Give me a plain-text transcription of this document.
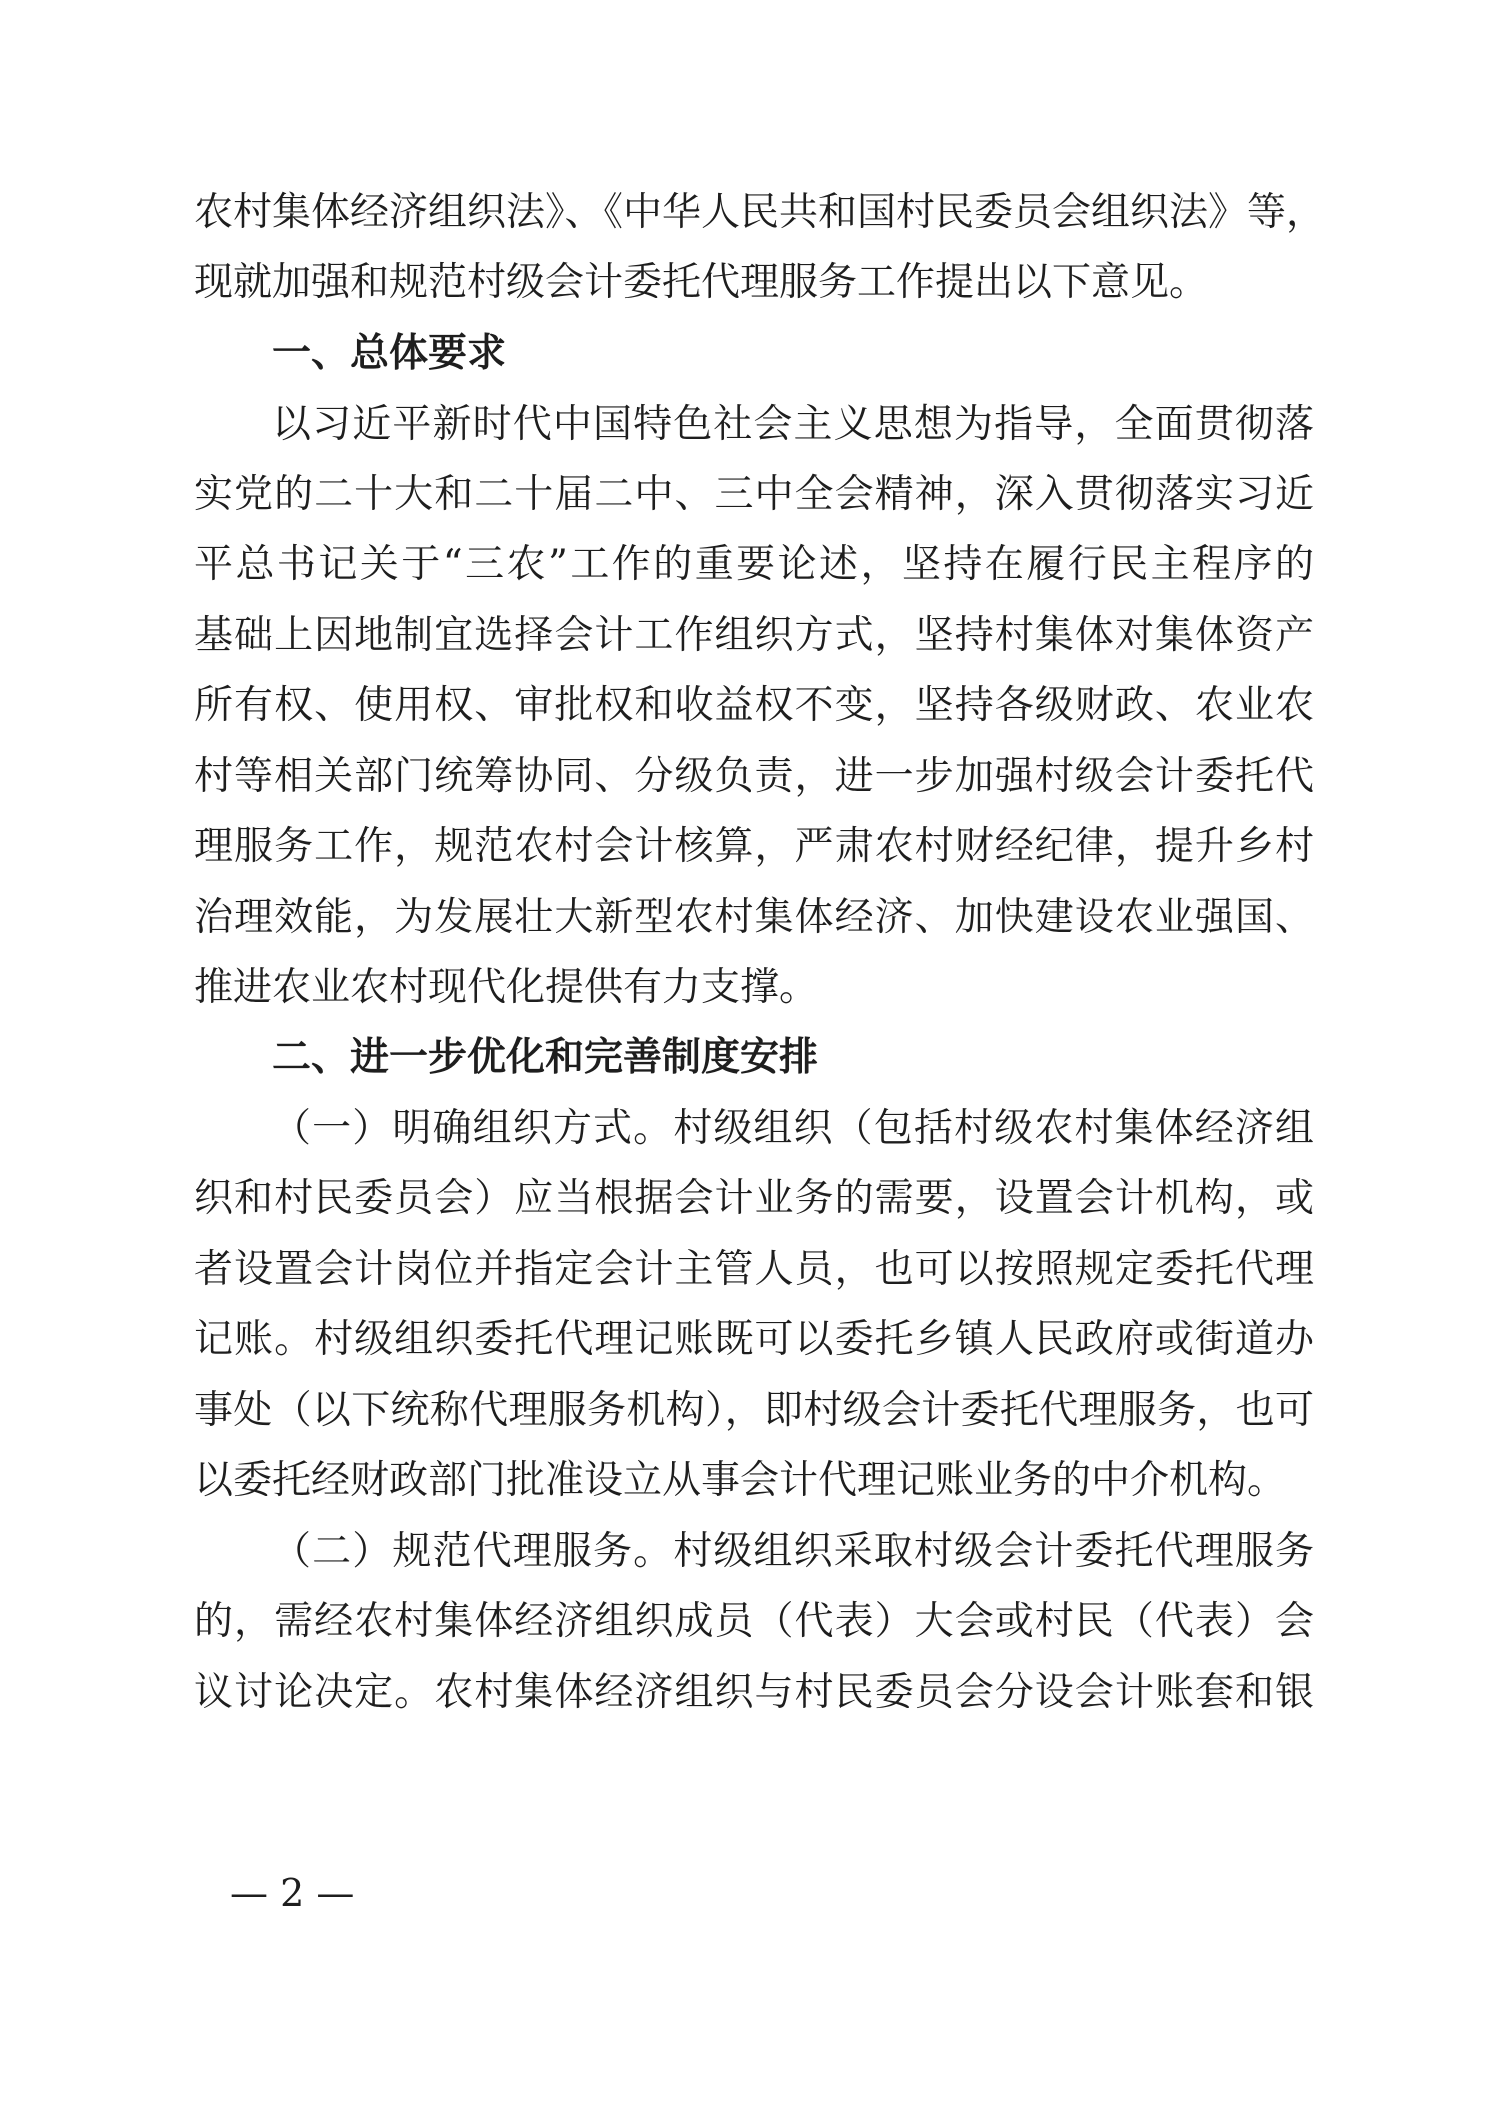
农村集体经济组织法》、《中华人民共和国村民委员会组织法》等，
现就加强和规范村级会计委托代理服务工作提出以下意见。
一、总体要求
以习近平新时代中国特色社会主义思想为指导，全面贯彻落
实党的二十大和二十届二中、三中全会精神，深入贯彻落实习近
平总书记关于“三农”工作的重要论述，坚持在履行民主程序的
基础上因地制宜选择会计工作组织方式，坚持村集体对集体资产
所有权、使用权、审批权和收益权不变，坚持各级财政、农业农
村等相关部门统筹协同、分级负责，进一步加强村级会计委托代
理服务工作，规范农村会计核算，严肃农村财经纪律，提升乡村
治理效能，为发展壮大新型农村集体经济、加快建设农业强国、
推进农业农村现代化提供有力支撑。
二、进一步优化和完善制度安排
（一）明确组织方式。村级组织（包括村级农村集体经济组
织和村民委员会）应当根据会计业务的需要，设置会计机构，或
者设置会计岗位并指定会计主管人员，也可以按照规定委托代理
记账。村级组织委托代理记账既可以委托乡镇人民政府或街道办
事处（以下统称代理服务机构），即村级会计委托代理服务，也可
以委托经财政部门批准设立从事会计代理记账业务的中介机构。
（二）规范代理服务。村级组织采取村级会计委托代理服务
的，需经农村集体经济组织成员（代表）大会或村民（代表）会
议讨论决定。农村集体经济组织与村民委员会分设会计账套和银
— 2 —
